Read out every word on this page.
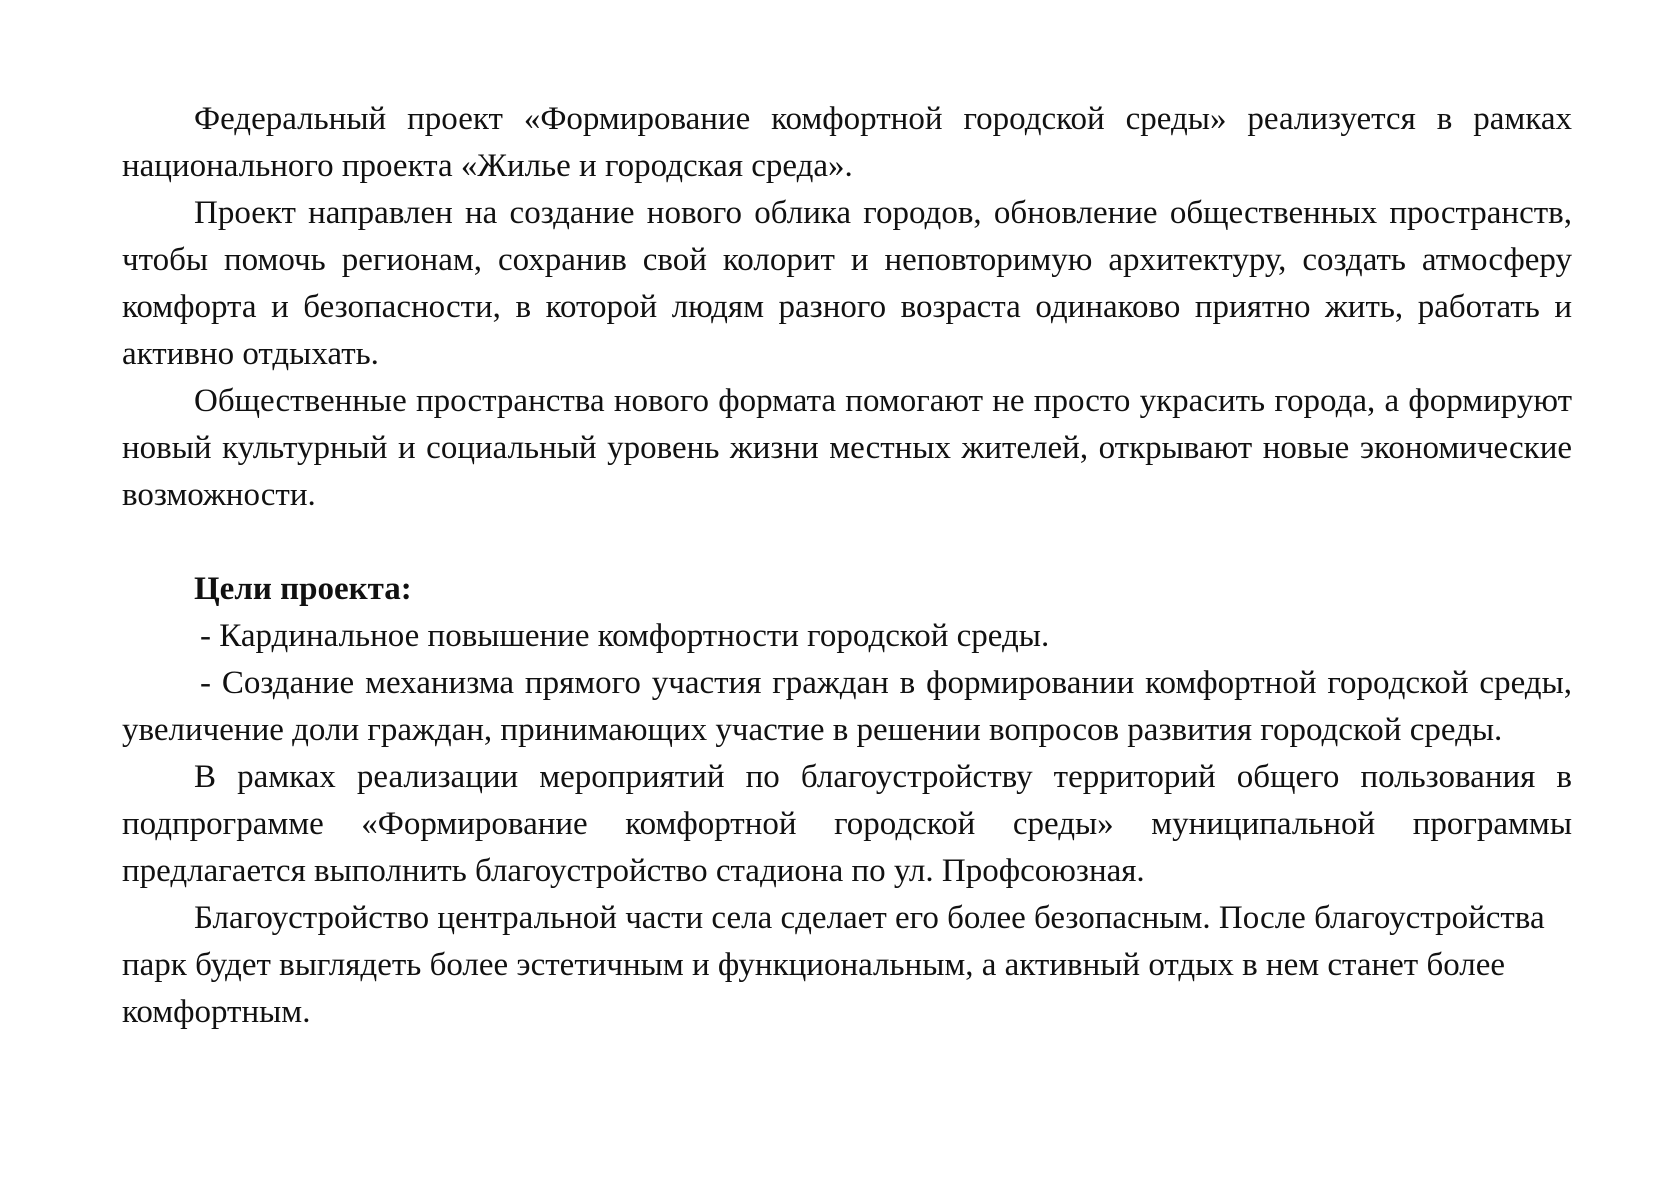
Федеральный проект «Формирование комфортной городской среды» реализуется в рамках национального проекта «Жилье и городская среда».

Проект направлен на создание нового облика городов, обновление общественных пространств, чтобы помочь регионам, сохранив свой колорит и неповторимую архитектуру, создать атмосферу комфорта и безопасности, в которой людям разного возраста одинаково приятно жить, работать и активно отдыхать.

Общественные пространства нового формата помогают не просто украсить города, а формируют новый культурный и социальный уровень жизни местных жителей, открывают новые экономические возможности.

Цели проекта:

- Кардинальное повышение комфортности городской среды.

- Создание механизма прямого участия граждан в формировании комфортной городской среды, увеличение доли граждан, принимающих участие в решении вопросов развития городской среды.

В рамках реализации мероприятий по благоустройству территорий общего пользования в подпрограмме «Формирование комфортной городской среды» муниципальной программы предлагается выполнить благоустройство стадиона по ул. Профсоюзная.

Благоустройство центральной части села сделает его более безопасным. После благоустройства парк будет выглядеть более эстетичным и функциональным, а активный отдых в нем станет более комфортным.
